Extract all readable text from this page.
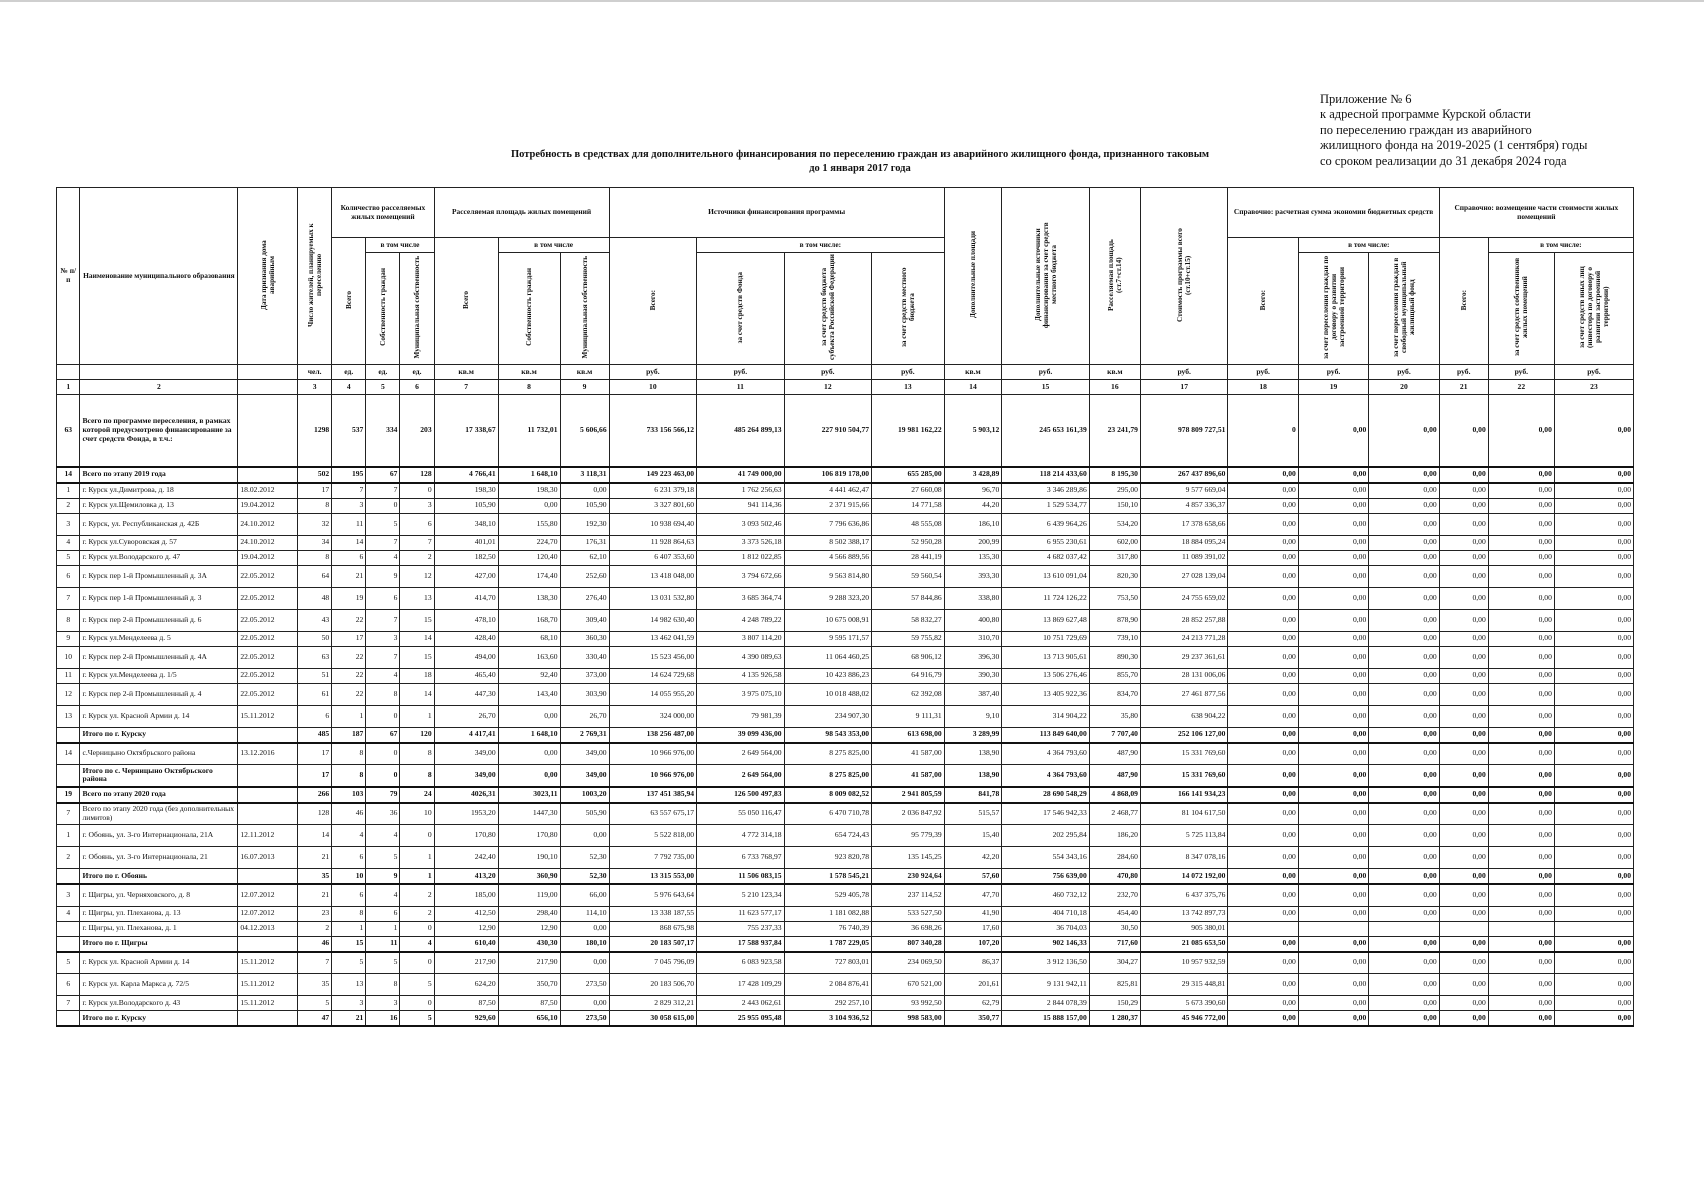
Приложение № 6
к адресной программе Курской области
по переселению граждан из аварийного
жилищного фонда на 2019-2025 (1 сентября) годы
со сроком реализации до 31 декабря 2024 года
Потребность в средствах для дополнительного финансирования по переселению граждан из аварийного жилищного фонда, признанного таковым
до 1 января 2017 года
№ п/п	Наименование муниципального образования	Дата признания дома аварийным	Число жителей, планируемых к переселению	Количество расселяемых жилых помещений			Расселяемая площадь жилых помещений			Источники финансирования программы				Дополнительные площади	Дополнительные источники финансирования за счет средств местного бюджета	Расселяемая площадь (ст.7+ст.14)	Стоимость программы всего (ст.10+ст.15)	Справочно: расчетная сумма экономии бюджетных средств			Справочно: возмещение части стоимости жилых помещений		
				Всего	в том числе		Всего	в том числе		Всего:	в том числе:							Всего:	в том числе:		Всего:	в том числе:	
					Собственность граждан	Муниципальная собственность		Собственность граждан	Муниципальная собственность		за счет средств Фонда	за счет средств бюджета субъекта Российской Федерации	за счет средств местного бюджета						за счет переселения граждан по договору о развитии застроенной территории	за счет переселения граждан в свободный муниципальный жилищный фонд		за счет средств собственников жилых помещений	за счет средств иных лиц (инвестора по договору о развитии застроенной территории)
			чел.	ед.	ед.	ед.	кв.м	кв.м	кв.м	руб.	руб.	руб.	руб.	кв.м	руб.	кв.м	руб.	руб.	руб.	руб.	руб.	руб.	руб.
1	2		3	4	5	6	7	8	9	10	11	12	13	14	15	16	17	18	19	20	21	22	23
63	Всего по программе переселения, в рамках которой предусмотрено финансирование за счет средств Фонда, в т.ч.:		1298	537	334	203	17 338,67	11 732,01	5 606,66	733 156 566,12	485 264 899,13	227 910 504,77	19 981 162,22	5 903,12	245 653 161,39	23 241,79	978 809 727,51	0	0,00	0,00	0,00	0,00	0,00
14	Всего по этапу 2019 года		502	195	67	128	4 766,41	1 648,10	3 118,31	149 223 463,00	41 749 000,00	106 819 178,00	655 285,00	3 428,89	118 214 433,60	8 195,30	267 437 896,60	0,00	0,00	0,00	0,00	0,00	0,00
1	г. Курск ул.Димитрова, д. 18	18.02.2012	17	7	7	0	198,30	198,30	0,00	6 231 379,18	1 762 256,63	4 441 462,47	27 660,08	96,70	3 346 289,86	295,00	9 577 669,04	0,00	0,00	0,00	0,00	0,00	0,00
2	г. Курск ул.Щемиловка д. 13	19.04.2012	8	3	0	3	105,90	0,00	105,90	3 327 801,60	941 114,36	2 371 915,66	14 771,58	44,20	1 529 534,77	150,10	4 857 336,37	0,00	0,00	0,00	0,00	0,00	0,00
3	г. Курск, ул. Республиканская д. 42Б	24.10.2012	32	11	5	6	348,10	155,80	192,30	10 938 694,40	3 093 502,46	7 796 636,86	48 555,08	186,10	6 439 964,26	534,20	17 378 658,66	0,00	0,00	0,00	0,00	0,00	0,00
4	г. Курск ул.Суворовская д. 57	24.10.2012	34	14	7	7	401,01	224,70	176,31	11 928 864,63	3 373 526,18	8 502 388,17	52 950,28	200,99	6 955 230,61	602,00	18 884 095,24	0,00	0,00	0,00	0,00	0,00	0,00
5	г. Курск ул.Володарского д. 47	19.04.2012	8	6	4	2	182,50	120,40	62,10	6 407 353,60	1 812 022,85	4 566 889,56	28 441,19	135,30	4 682 037,42	317,80	11 089 391,02	0,00	0,00	0,00	0,00	0,00	0,00
6	г. Курск пер 1-й Промышленный д. 3А	22.05.2012	64	21	9	12	427,00	174,40	252,60	13 418 048,00	3 794 672,66	9 563 814,80	59 560,54	393,30	13 610 091,04	820,30	27 028 139,04	0,00	0,00	0,00	0,00	0,00	0,00
7	г. Курск пер 1-й Промышленный д. 3	22.05.2012	48	19	6	13	414,70	138,30	276,40	13 031 532,80	3 685 364,74	9 288 323,20	57 844,86	338,80	11 724 126,22	753,50	24 755 659,02	0,00	0,00	0,00	0,00	0,00	0,00
8	г. Курск пер 2-й Промышленный д. 6	22.05.2012	43	22	7	15	478,10	168,70	309,40	14 982 630,40	4 248 789,22	10 675 008,91	58 832,27	400,80	13 869 627,48	878,90	28 852 257,88	0,00	0,00	0,00	0,00	0,00	0,00
9	г. Курск ул.Менделеева д. 5	22.05.2012	50	17	3	14	428,40	68,10	360,30	13 462 041,59	3 807 114,20	9 595 171,57	59 755,82	310,70	10 751 729,69	739,10	24 213 771,28	0,00	0,00	0,00	0,00	0,00	0,00
10	г. Курск пер 2-й Промышленный д. 4А	22.05.2012	63	22	7	15	494,00	163,60	330,40	15 523 456,00	4 390 089,63	11 064 460,25	68 906,12	396,30	13 713 905,61	890,30	29 237 361,61	0,00	0,00	0,00	0,00	0,00	0,00
11	г. Курск ул.Менделеева д. 1/5	22.05.2012	51	22	4	18	465,40	92,40	373,00	14 624 729,68	4 135 926,58	10 423 886,23	64 916,79	390,30	13 506 276,46	855,70	28 131 006,06	0,00	0,00	0,00	0,00	0,00	0,00
12	г. Курск пер 2-й Промышленный д. 4	22.05.2012	61	22	8	14	447,30	143,40	303,90	14 055 955,20	3 975 075,10	10 018 488,02	62 392,08	387,40	13 405 922,36	834,70	27 461 877,56	0,00	0,00	0,00	0,00	0,00	0,00
13	г. Курск ул. Красной Армии д. 14	15.11.2012	6	1	0	1	26,70	0,00	26,70	324 000,00	79 981,39	234 907,30	9 111,31	9,10	314 904,22	35,80	638 904,22	0,00	0,00	0,00	0,00	0,00	0,00
	Итого по г. Курску		485	187	67	120	4 417,41	1 648,10	2 769,31	138 256 487,00	39 099 436,00	98 543 353,00	613 698,00	3 289,99	113 849 640,00	7 707,40	252 106 127,00	0,00	0,00	0,00	0,00	0,00	0,00
14	с.Черницыно Октябрьского района	13.12.2016	17	8	0	8	349,00	0,00	349,00	10 966 976,00	2 649 564,00	8 275 825,00	41 587,00	138,90	4 364 793,60	487,90	15 331 769,60	0,00	0,00	0,00	0,00	0,00	0,00
	Итого по с. Черницыно Октябрьского района		17	8	0	8	349,00	0,00	349,00	10 966 976,00	2 649 564,00	8 275 825,00	41 587,00	138,90	4 364 793,60	487,90	15 331 769,60	0,00	0,00	0,00	0,00	0,00	0,00
19	Всего по этапу 2020 года		266	103	79	24	4026,31	3023,11	1003,20	137 451 385,94	126 500 497,83	8 009 082,52	2 941 805,59	841,78	28 690 548,29	4 868,09	166 141 934,23	0,00	0,00	0,00	0,00	0,00	0,00
7	Всего по этапу 2020 года (без дополнительных лимитов)		128	46	36	10	1953,20	1447,30	505,90	63 557 675,17	55 050 116,47	6 470 710,78	2 036 847,92	515,57	17 546 942,33	2 468,77	81 104 617,50	0,00	0,00	0,00	0,00	0,00	0,00
1	г. Обоянь, ул. 3-го Интернационала, 21А	12.11.2012	14	4	4	0	170,80	170,80	0,00	5 522 818,00	4 772 314,18	654 724,43	95 779,39	15,40	202 295,84	186,20	5 725 113,84	0,00	0,00	0,00	0,00	0,00	0,00
2	г. Обоянь, ул. 3-го Интернационала, 21	16.07.2013	21	6	5	1	242,40	190,10	52,30	7 792 735,00	6 733 768,97	923 820,78	135 145,25	42,20	554 343,16	284,60	8 347 078,16	0,00	0,00	0,00	0,00	0,00	0,00
	Итого по г. Обоянь		35	10	9	1	413,20	360,90	52,30	13 315 553,00	11 506 083,15	1 578 545,21	230 924,64	57,60	756 639,00	470,80	14 072 192,00	0,00	0,00	0,00	0,00	0,00	0,00
3	г. Щигры, ул. Черняховского, д. 8	12.07.2012	21	6	4	2	185,00	119,00	66,00	5 976 643,64	5 210 123,34	529 405,78	237 114,52	47,70	460 732,12	232,70	6 437 375,76	0,00	0,00	0,00	0,00	0,00	0,00
4	г. Щигры, ул. Плеханова, д. 13	12.07.2012	23	8	6	2	412,50	298,40	114,10	13 338 187,55	11 623 577,17	1 181 082,88	533 527,50	41,90	404 710,18	454,40	13 742 897,73	0,00	0,00	0,00	0,00	0,00	0,00
	г. Щигры, ул. Плеханова, д. 1	04.12.2013	2	1	1	0	12,90	12,90	0,00	868 675,98	755 237,33	76 740,39	36 698,26	17,60	36 704,03	30,50	905 380,01						
	Итого по г. Щигры		46	15	11	4	610,40	430,30	180,10	20 183 507,17	17 588 937,84	1 787 229,05	807 340,28	107,20	902 146,33	717,60	21 085 653,50	0,00	0,00	0,00	0,00	0,00	0,00
5	г. Курск ул. Красной Армии д. 14	15.11.2012	7	5	5	0	217,90	217,90	0,00	7 045 796,09	6 083 923,58	727 803,01	234 069,50	86,37	3 912 136,50	304,27	10 957 932,59	0,00	0,00	0,00	0,00	0,00	0,00
6	г. Курск ул. Карла Маркса д. 72/5	15.11.2012	35	13	8	5	624,20	350,70	273,50	20 183 506,70	17 428 109,29	2 084 876,41	670 521,00	201,61	9 131 942,11	825,81	29 315 448,81	0,00	0,00	0,00	0,00	0,00	0,00
7	г. Курск ул.Володарского д. 43	15.11.2012	5	3	3	0	87,50	87,50	0,00	2 829 312,21	2 443 062,61	292 257,10	93 992,50	62,79	2 844 078,39	150,29	5 673 390,60	0,00	0,00	0,00	0,00	0,00	0,00
	Итого по г. Курску		47	21	16	5	929,60	656,10	273,50	30 058 615,00	25 955 095,48	3 104 936,52	998 583,00	350,77	15 888 157,00	1 280,37	45 946 772,00	0,00	0,00	0,00	0,00	0,00	0,00
